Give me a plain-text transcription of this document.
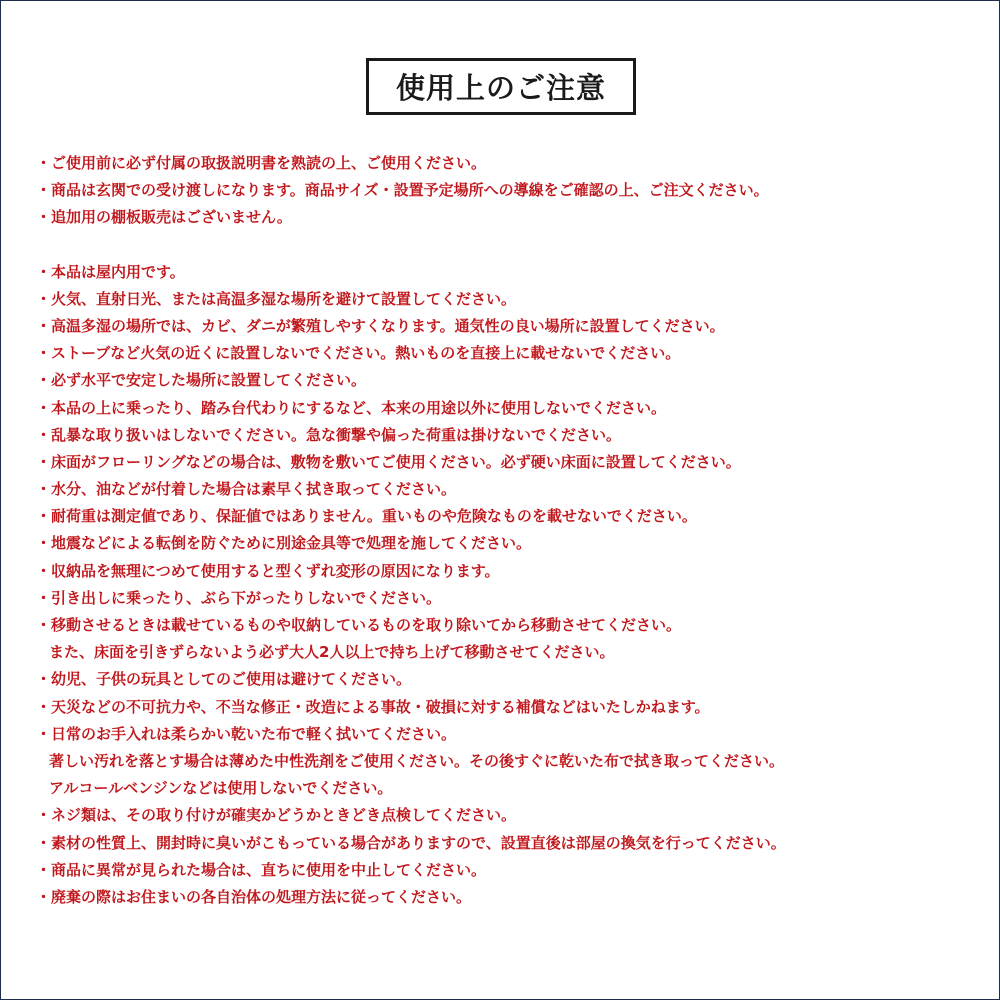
使用上のご注意
・ご使用前に必ず付属の取扱説明書を熟読の上、ご使用ください。
・商品は玄関での受け渡しになります。商品サイズ・設置予定場所への導線をご確認の上、ご注文ください。
・追加用の棚板販売はございません。
・本品は屋内用です。
・火気、直射日光、または高温多湿な場所を避けて設置してください。
・高温多湿の場所では、カビ、ダニが繁殖しやすくなります。通気性の良い場所に設置してください。
・ストーブなど火気の近くに設置しないでください。熱いものを直接上に載せないでください。
・必ず水平で安定した場所に設置してください。
・本品の上に乗ったり、踏み台代わりにするなど、本来の用途以外に使用しないでください。
・乱暴な取り扱いはしないでください。急な衝撃や偏った荷重は掛けないでください。
・床面がフローリングなどの場合は、敷物を敷いてご使用ください。必ず硬い床面に設置してください。
・水分、油などが付着した場合は素早く拭き取ってください。
・耐荷重は測定値であり、保証値ではありません。重いものや危険なものを載せないでください。
・地震などによる転倒を防ぐために別途金具等で処理を施してください。
・収納品を無理につめて使用すると型くずれ変形の原因になります。
・引き出しに乗ったり、ぶら下がったりしないでください。
・移動させるときは載せているものや収納しているものを取り除いてから移動させてください。
また、床面を引きずらないよう必ず大人2人以上で持ち上げて移動させてください。
・幼児、子供の玩具としてのご使用は避けてください。
・天災などの不可抗力や、不当な修正・改造による事故・破損に対する補償などはいたしかねます。
・日常のお手入れは柔らかい乾いた布で軽く拭いてください。
著しい汚れを落とす場合は薄めた中性洗剤をご使用ください。その後すぐに乾いた布で拭き取ってください。
アルコールベンジンなどは使用しないでください。
・ネジ類は、その取り付けが確実かどうかときどき点検してください。
・素材の性質上、開封時に臭いがこもっている場合がありますので、設置直後は部屋の換気を行ってください。
・商品に異常が見られた場合は、直ちに使用を中止してください。
・廃棄の際はお住まいの各自治体の処理方法に従ってください。
